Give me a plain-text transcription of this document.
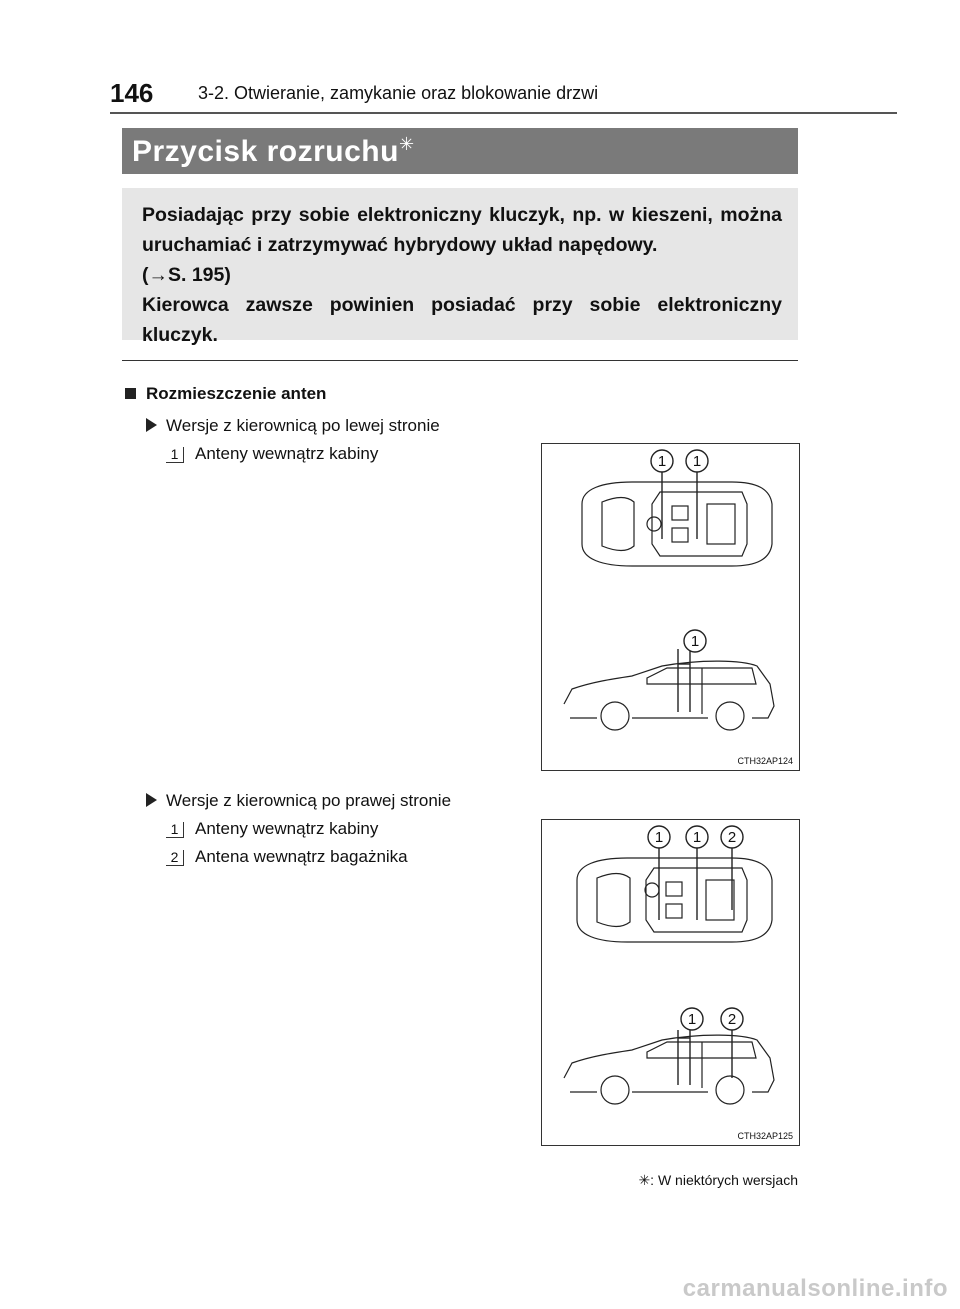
146 3-2. Otwieranie, zamykanie oraz blokowanie drzwi
Przycisk rozruchu✳
Posiadając przy sobie elektroniczny kluczyk, np. w kieszeni, można uruchamiać i zatrzymywać hybrydowy układ napędowy.
(→S. 195)
Kierowca zawsze powinien posiadać przy sobie elektroniczny kluczyk.
Rozmieszczenie anten
Wersje z kierownicą po lewej stronie
1 Anteny wewnątrz kabiny	1 1
1
CTH32AP124
Wersje z kierownicą po prawej stronie
1 Anteny wewnątrz kabiny
2 Antena wewnątrz bagażnika
1 1 2
1 2
CTH32AP125
✳: W niektórych wersjach
carmanualsonline.info
